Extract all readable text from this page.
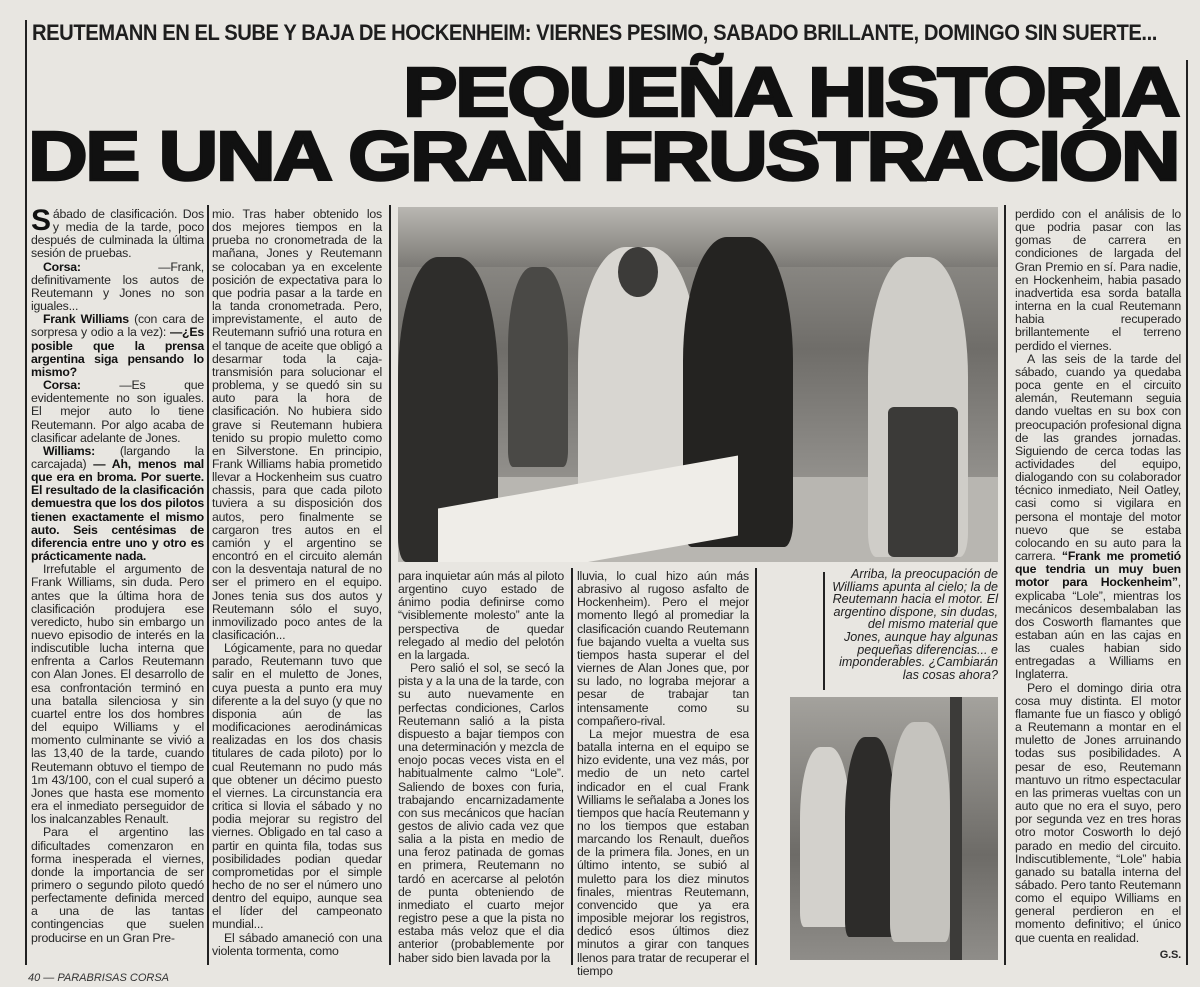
REUTEMANN EN EL SUBE Y BAJA DE HOCKENHEIM: VIERNES PESIMO, SABADO BRILLANTE, DOMINGO SIN SUERTE...
PEQUEÑA HISTORIA
DE UNA GRAN FRUSTRACIÓN
Arriba, la preocupación de Williams apunta al cielo; la de Reutemann hacia el motor. El argentino dispone, sin dudas, del mismo material que Jones, aunque hay algunas pequeñas diferencias... e imponderables. ¿Cambiarán las cosas ahora?

Sábado de clasificación. Dos y media de la tarde, poco después de culminada la última sesión de pruebas.

Corsa: —Frank, definitivamente los autos de Reutemann y Jones no son iguales...

Frank Williams (con cara de sorpresa y odio a la vez): —¿Es posible que la prensa argentina siga pensando lo mismo?

Corsa: —Es que evidentemente no son iguales. El mejor auto lo tiene Reutemann. Por algo acaba de clasificar adelante de Jones.

Williams: (largando la carcajada) — Ah, menos mal que era en broma. Por suerte. El resultado de la clasificación demuestra que los dos pilotos tienen exactamente el mismo auto. Seis centésimas de diferencia entre uno y otro es prácticamente nada.

Irrefutable el argumento de Frank Williams, sin duda. Pero antes que la última hora de clasificación produjera ese veredicto, hubo sin embargo un nuevo episodio de interés en la indiscutible lucha interna que enfrenta a Carlos Reutemann con Alan Jones. El desarrollo de esa confrontación terminó en una batalla silenciosa y sin cuartel entre los dos hombres del equipo Williams y el momento culminante se vivió a las 13,40 de la tarde, cuando Reutemann obtuvo el tiempo de 1m 43/100, con el cual superó a Jones que hasta ese momento era el inmediato perseguidor de los inalcanzables Renault.

Para el argentino las dificultades comenzaron en forma inesperada el viernes, donde la importancia de ser primero o segundo piloto quedó perfectamente definida merced a una de las tantas contingencias que suelen producirse en un Gran Pre-

mio. Tras haber obtenido los dos mejores tiempos en la prueba no cronometrada de la mañana, Jones y Reutemann se colocaban ya en excelente posición de expectativa para lo que podria pasar a la tarde en la tanda cronometrada. Pero, imprevistamente, el auto de Reutemann sufrió una rotura en el tanque de aceite que obligó a desarmar toda la caja-transmisión para solucionar el problema, y se quedó sin su auto para la hora de clasificación. No hubiera sido grave si Reutemann hubiera tenido su propio muletto como en Silverstone. En principio, Frank Williams habia prometido llevar a Hockenheim sus cuatro chassis, para que cada piloto tuviera a su disposición dos autos, pero finalmente se cargaron tres autos en el camión y el argentino se encontró en el circuito alemán con la desventaja natural de no ser el primero en el equipo. Jones tenia sus dos autos y Reutemann sólo el suyo, inmovilizado poco antes de la clasificación...

Lógicamente, para no quedar parado, Reutemann tuvo que salir en el muletto de Jones, cuya puesta a punto era muy diferente a la del suyo (y que no disponia aún de las modificaciones aerodinámicas realizadas en los dos chasis titulares de cada piloto) por lo cual Reutemann no pudo más que obtener un décimo puesto el viernes. La circunstancia era critica si llovia el sábado y no podia mejorar su registro del viernes. Obligado en tal caso a partir en quinta fila, todas sus posibilidades podian quedar comprometidas por el simple hecho de no ser el número uno dentro del equipo, aunque sea el líder del campeonato mundial...

El sábado amaneció con una violenta tormenta, como

para inquietar aún más al piloto argentino cuyo estado de ánimo podia definirse como “visiblemente molesto” ante la perspectiva de quedar relegado al medio del pelotón en la largada.

Pero salió el sol, se secó la pista y a la una de la tarde, con su auto nuevamente en perfectas condiciones, Carlos Reutemann salió a la pista dispuesto a bajar tiempos con una determinación y mezcla de enojo pocas veces vista en el habitualmente calmo “Lole”. Saliendo de boxes con furia, trabajando encarnizadamente con sus mecánicos que hacían gestos de alivio cada vez que salia a la pista en medio de una feroz patinada de gomas en primera, Reutemann no tardó en acercarse al pelotón de punta obteniendo de inmediato el cuarto mejor registro pese a que la pista no estaba más veloz que el dia anterior (probablemente por haber sido bien lavada por la

lluvia, lo cual hizo aún más abrasivo al rugoso asfalto de Hockenheim). Pero el mejor momento llegó al promediar la clasificación cuando Reutemann fue bajando vuelta a vuelta sus tiempos hasta superar el del viernes de Alan Jones que, por su lado, no lograba mejorar a pesar de trabajar tan intensamente como su compañero-rival.

La mejor muestra de esa batalla interna en el equipo se hizo evidente, una vez más, por medio de un neto cartel indicador en el cual Frank Williams le señalaba a Jones los tiempos que hacía Reutemann y no los tiempos que estaban marcando los Renault, dueños de la primera fila. Jones, en un último intento, se subió al muletto para los diez minutos finales, mientras Reutemann, convencido que ya era imposible mejorar los registros, dedicó esos últimos diez minutos a girar con tanques llenos para tratar de recuperar el tiempo

perdido con el análisis de lo que podria pasar con las gomas de carrera en condiciones de largada del Gran Premio en sí. Para nadie, en Hockenheim, habia pasado inadvertida esa sorda batalla interna en la cual Reutemann habia recuperado brillantemente el terreno perdido el viernes.

A las seis de la tarde del sábado, cuando ya quedaba poca gente en el circuito alemán, Reutemann seguia dando vueltas en su box con preocupación profesional digna de las grandes jornadas. Siguiendo de cerca todas las actividades del equipo, dialogando con su colaborador técnico inmediato, Neil Oatley, casi como si vigilara en persona el montaje del motor nuevo que se estaba colocando en su auto para la carrera. “Frank me prometió que tendria un muy buen motor para Hockenheim”, explicaba “Lole”, mientras los mecánicos desembalaban las dos Cosworth flamantes que estaban aún en las cajas en las cuales habian sido entregadas a Williams en Inglaterra.

Pero el domingo diria otra cosa muy distinta. El motor flamante fue un fiasco y obligó a Reutemann a montar en el muletto de Jones arruinando todas sus posibilidades. A pesar de eso, Reutemann mantuvo un ritmo espectacular en las primeras vueltas con un auto que no era el suyo, pero por segunda vez en tres horas otro motor Cosworth lo dejó parado en medio del circuito. Indiscutiblemente, “Lole” habia ganado su batalla interna del sábado. Pero tanto Reutemann como el equipo Williams en general perdieron en el momento definitivo; el único que cuenta en realidad.

G.S.

40 — PARABRISAS CORSA
